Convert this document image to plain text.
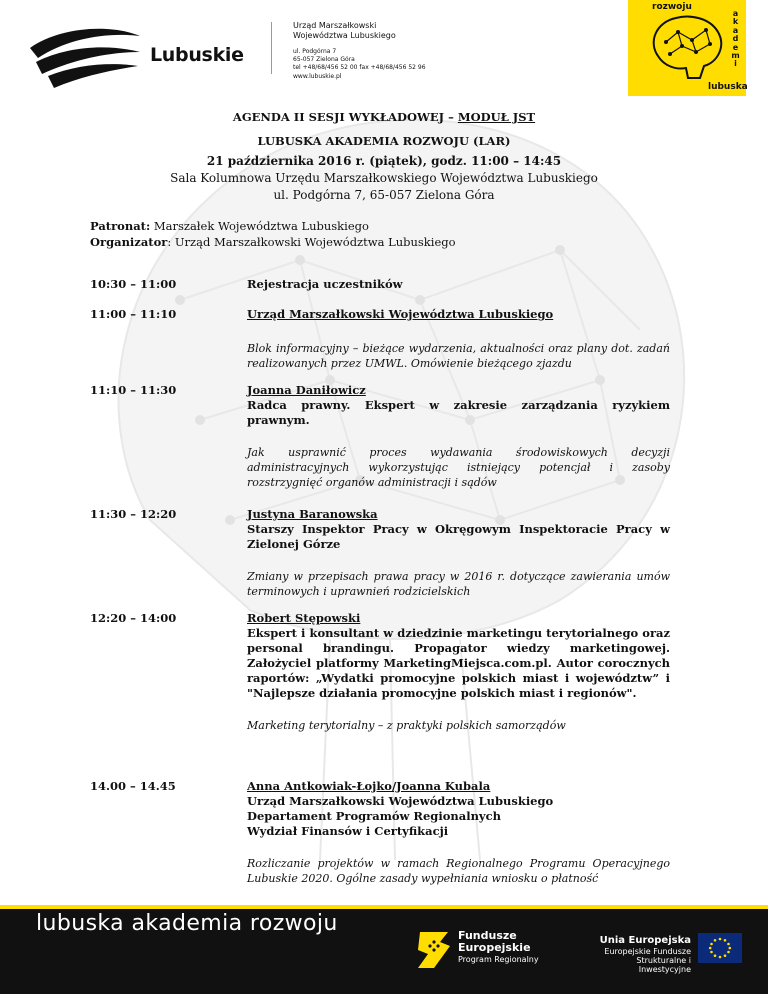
Lubuskie
Urząd Marszałkowski
Województwa Lubuskiego
ul. Podgórna 7
65-057 Zielona Góra
tel +48/68/456 52 00 fax +48/68/456 52 96
www.lubuskie.pl
rozwoju
a
k
a
d
e
m
i
lubuska
AGENDA II SESJI WYKŁADOWEJ – MODUŁ JST
LUBUSKA AKADEMIA ROZWOJU (LAR)
21 października 2016 r. (piątek), godz. 11:00 – 14:45
Sala Kolumnowa Urzędu Marszałkowskiego Województwa Lubuskiego
ul. Podgórna 7, 65-057 Zielona Góra
Patronat: Marszałek Województwa Lubuskiego
Organizator: Urząd Marszałkowski Województwa Lubuskiego
10:30 – 11:00	Rejestracja uczestników
11:00 – 11:10	Urząd Marszałkowski Województwa Lubuskiego
Blok informacyjny – bieżące wydarzenia, aktualności oraz plany dot. zadań realizowanych przez UMWL. Omówienie bieżącego zjazdu
11:10 – 11:30	Joanna Daniłowicz
Radca prawny. Ekspert w zakresie zarządzania ryzykiem prawnym.
Jak usprawnić proces wydawania środowiskowych decyzji administracyjnych wykorzystując istniejący potencjał i zasoby rozstrzygnięć organów administracji i sądów
11:30 – 12:20	Justyna Baranowska
Starszy Inspektor Pracy w Okręgowym Inspektoracie Pracy w Zielonej Górze
Zmiany w przepisach prawa pracy w 2016 r. dotyczące zawierania umów terminowych i uprawnień rodzicielskich
12:20 – 14:00	Robert Stępowski
Ekspert i konsultant w dziedzinie marketingu terytorialnego oraz personal brandingu. Propagator wiedzy marketingowej. Założyciel platformy MarketingMiejsca.com.pl. Autor corocznych raportów: „Wydatki promocyjne polskich miast i województw” i "Najlepsze działania promocyjne polskich miast i regionów".
Marketing terytorialny – z praktyki polskich samorządów
14.00 – 14.45	Anna Antkowiak-Łojko/Joanna Kubala
Urząd Marszałkowski Województwa Lubuskiego
Departament Programów Regionalnych
Wydział Finansów i Certyfikacji
Rozliczanie projektów w ramach Regionalnego Programu Operacyjnego Lubuskie 2020. Ogólne zasady wypełniania wniosku o płatność
lubuska akademia rozwoju	Fundusze
Europejskie
Program Regionalny
Unia Europejska
Europejskie Fundusze
Strukturalne i Inwestycyjne
